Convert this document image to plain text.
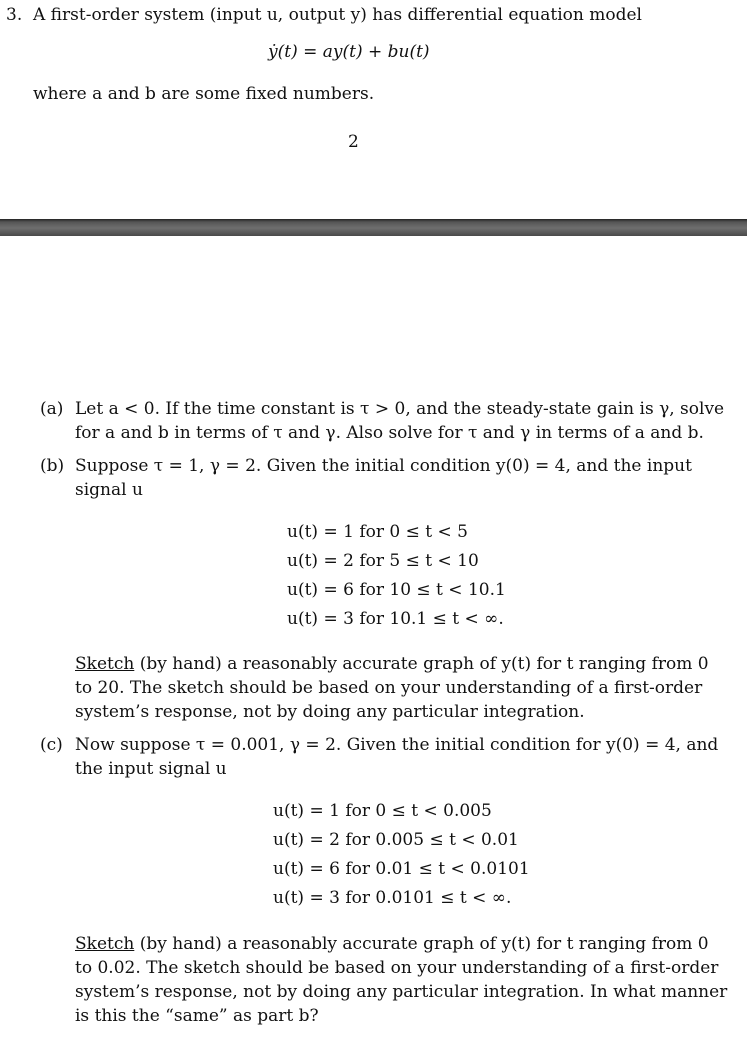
3. A first-order system (input u, output y) has differential equation model
ẏ(t) = ay(t) + bu(t)
where a and b are some fixed numbers.
2
(a) Let a < 0. If the time constant is τ > 0, and the steady-state gain is γ, solve
for a and b in terms of τ and γ. Also solve for τ and γ in terms of a and b.
(b) Suppose τ = 1, γ = 2. Given the initial condition y(0) = 4, and the input
signal u
u(t) = 1 for 0 ≤ t < 5
u(t) = 2 for 5 ≤ t < 10
u(t) = 6 for 10 ≤ t < 10.1
u(t) = 3 for 10.1 ≤ t < ∞.
Sketch (by hand) a reasonably accurate graph of y(t) for t ranging from 0
to 20. The sketch should be based on your understanding of a first-order
system’s response, not by doing any particular integration.
(c) Now suppose τ = 0.001, γ = 2. Given the initial condition for y(0) = 4, and
the input signal u
u(t) = 1 for 0 ≤ t < 0.005
u(t) = 2 for 0.005 ≤ t < 0.01
u(t) = 6 for 0.01 ≤ t < 0.0101
u(t) = 3 for 0.0101 ≤ t < ∞.
Sketch (by hand) a reasonably accurate graph of y(t) for t ranging from 0
to 0.02. The sketch should be based on your understanding of a first-order
system’s response, not by doing any particular integration. In what manner
is this the “same” as part b?
